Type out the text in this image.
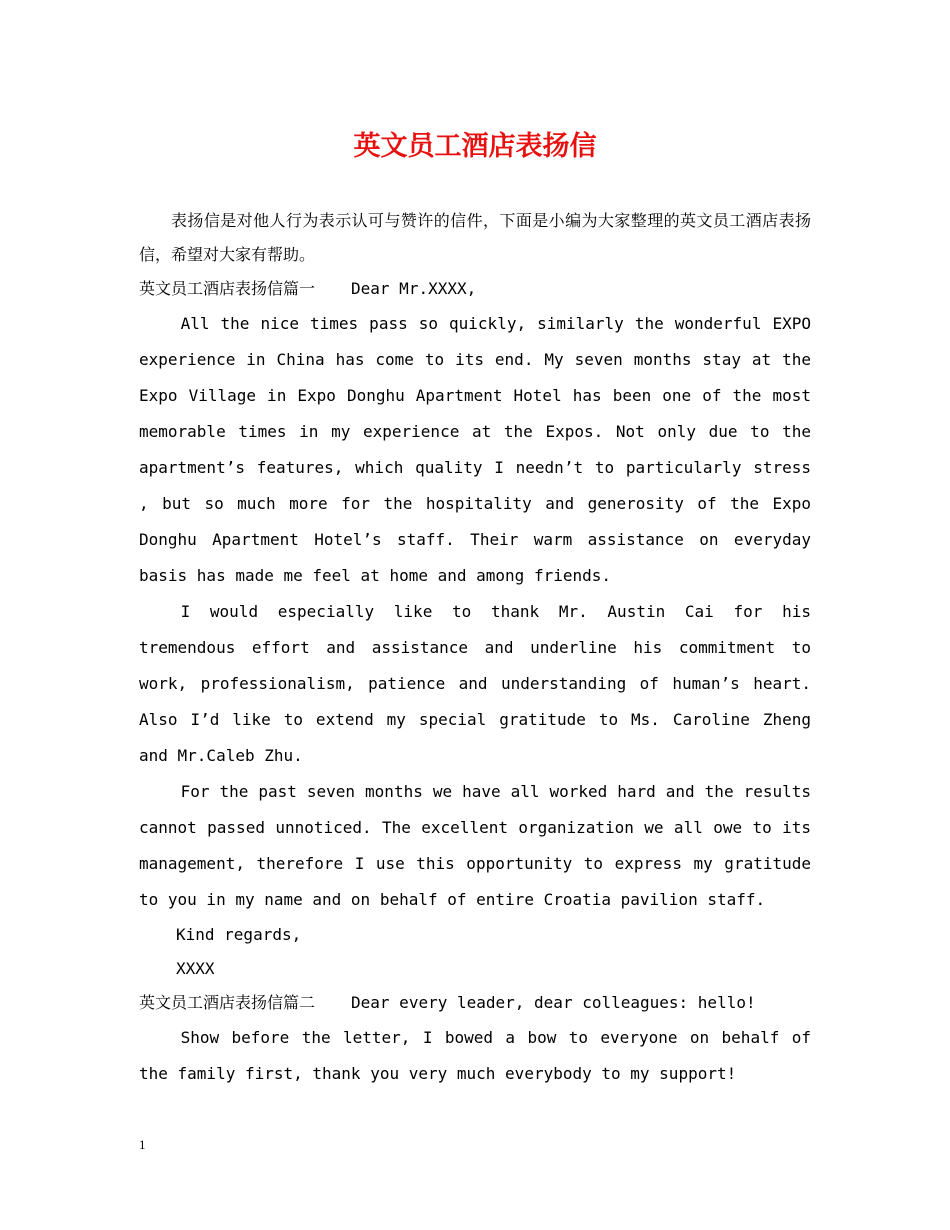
英文员工酒店表扬信

表扬信是对他人行为表示认可与赞许的信件，下面是小编为大家整理的英文员工酒店表扬信，希望对大家有帮助。

英文员工酒店表扬信篇一 Dear Mr.XXXX,

All the nice times pass so quickly, similarly the wonderful EXPO experience in China has come to its end. My seven months stay at the Expo Village in Expo Donghu Apartment Hotel has been one of the most memorable times in my experience at the Expos. Not only due to the apartment’s features, which quality I needn’t to particularly stress , but so much more for the hospitality and generosity of the Expo Donghu Apartment Hotel’s staff. Their warm assistance on everyday basis has made me feel at home and among friends.

I would especially like to thank Mr. Austin Cai for his tremendous effort and assistance and underline his commitment to work, professionalism, patience and understanding of human’s heart. Also I’d like to extend my special gratitude to Ms. Caroline Zheng and Mr.Caleb Zhu.

For the past seven months we have all worked hard and the results cannot passed unnoticed. The excellent organization we all owe to its management, therefore I use this opportunity to express my gratitude to you in my name and on behalf of entire Croatia pavilion staff.

Kind regards,

XXXX

英文员工酒店表扬信篇二 Dear every leader, dear colleagues: hello!

Show before the letter, I bowed a bow to everyone on behalf of the family first, thank you very much everybody to my support!

1
